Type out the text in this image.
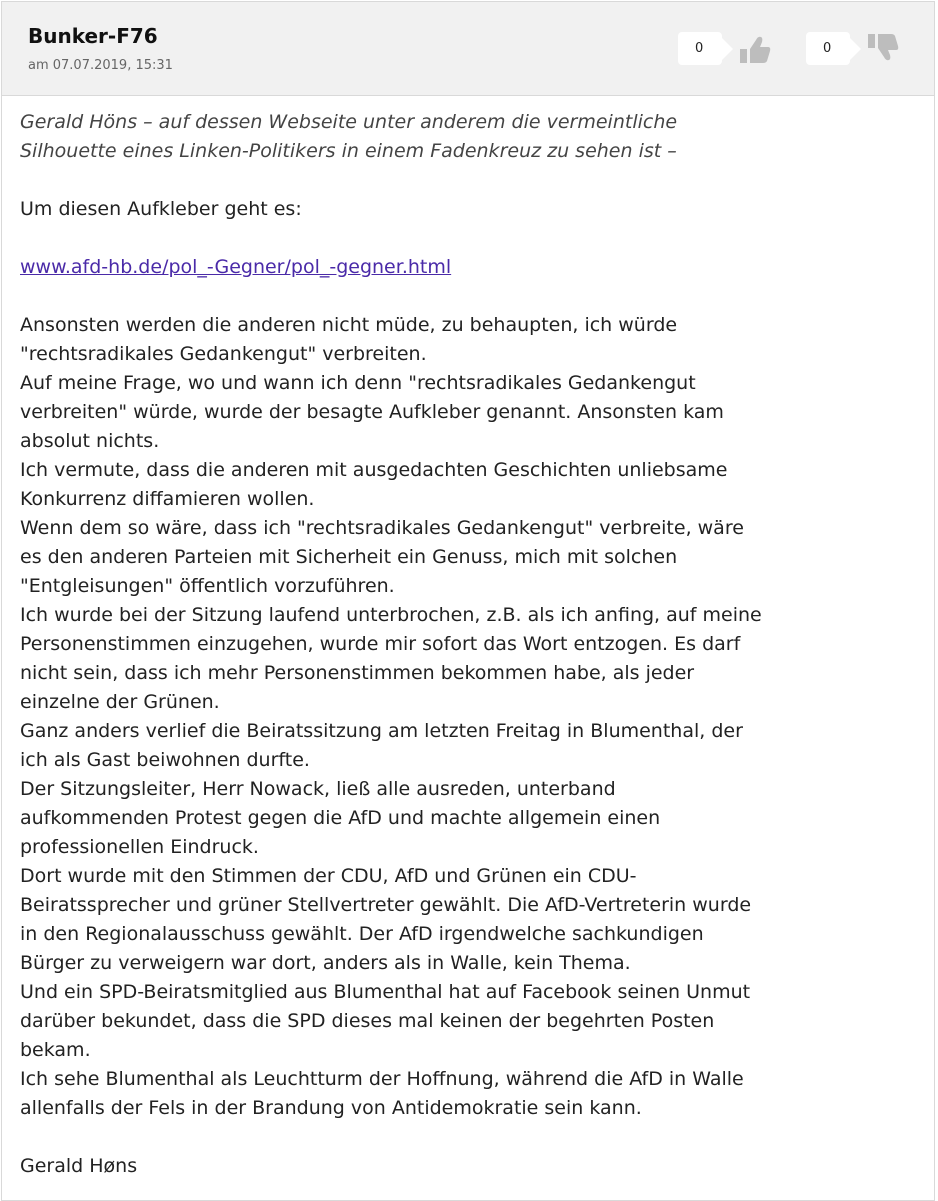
Bunker-F76
am 07.07.2019, 15:31
0	0

Gerald Höns – auf dessen Webseite unter anderem die vermeintliche

Silhouette eines Linken-Politikers in einem Fadenkreuz zu sehen ist –

Um diesen Aufkleber geht es:

www.afd-hb.de/pol_-Gegner/pol_-gegner.html

Ansonsten werden die anderen nicht müde, zu behaupten, ich würde

"rechtsradikales Gedankengut" verbreiten.

Auf meine Frage, wo und wann ich denn "rechtsradikales Gedankengut

verbreiten" würde, wurde der besagte Aufkleber genannt. Ansonsten kam

absolut nichts.

Ich vermute, dass die anderen mit ausgedachten Geschichten unliebsame

Konkurrenz diffamieren wollen.

Wenn dem so wäre, dass ich "rechtsradikales Gedankengut" verbreite, wäre

es den anderen Parteien mit Sicherheit ein Genuss, mich mit solchen

"Entgleisungen" öffentlich vorzuführen.

Ich wurde bei der Sitzung laufend unterbrochen, z.B. als ich anfing, auf meine

Personenstimmen einzugehen, wurde mir sofort das Wort entzogen. Es darf

nicht sein, dass ich mehr Personenstimmen bekommen habe, als jeder

einzelne der Grünen.

Ganz anders verlief die Beiratssitzung am letzten Freitag in Blumenthal, der

ich als Gast beiwohnen durfte.

Der Sitzungsleiter, Herr Nowack, ließ alle ausreden, unterband

aufkommenden Protest gegen die AfD und machte allgemein einen

professionellen Eindruck.

Dort wurde mit den Stimmen der CDU, AfD und Grünen ein CDU-

Beiratssprecher und grüner Stellvertreter gewählt. Die AfD-Vertreterin wurde

in den Regionalausschuss gewählt. Der AfD irgendwelche sachkundigen

Bürger zu verweigern war dort, anders als in Walle, kein Thema.

Und ein SPD-Beiratsmitglied aus Blumenthal hat auf Facebook seinen Unmut

darüber bekundet, dass die SPD dieses mal keinen der begehrten Posten

bekam.

Ich sehe Blumenthal als Leuchtturm der Hoffnung, während die AfD in Walle

allenfalls der Fels in der Brandung von Antidemokratie sein kann.

Gerald Høns
